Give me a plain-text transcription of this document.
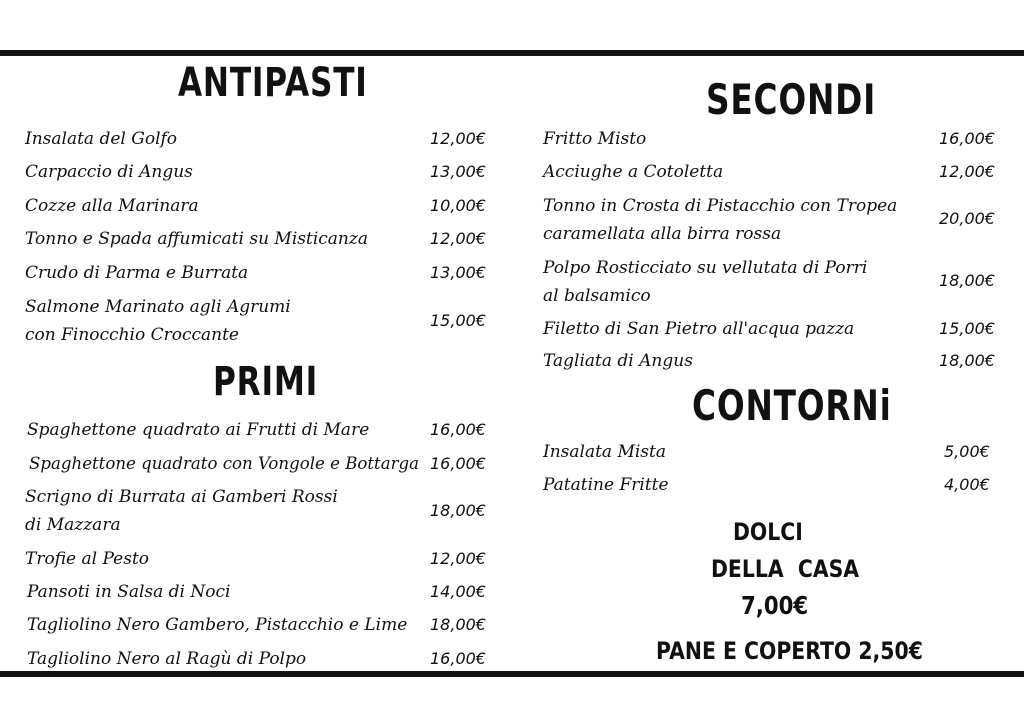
ANTIPASTI
Insalata del Golfo	12,00€
Carpaccio di Angus	13,00€
Cozze alla Marinara	10,00€
Tonno e Spada affumicati su Misticanza	12,00€
Crudo di Parma e Burrata	13,00€
Salmone Marinato agli Agrumi
con Finocchio Croccante
15,00€
PRIMI
Spaghettone quadrato ai Frutti di Mare	16,00€
Spaghettone quadrato con Vongole e Bottarga 16,00€
Scrigno di Burrata ai Gamberi Rossi
di Mazzara
18,00€
Trofie al Pesto	12,00€
Pansoti in Salsa di Noci	14,00€
Tagliolino Nero Gambero, Pistacchio e Lime 18,00€
Tagliolino Nero al Ragù di Polpo	16,00€
SECONDI
Fritto Misto	16,00€
Acciughe a Cotoletta	12,00€
Tonno in Crosta di Pistacchio con Tropea
caramellata alla birra rossa
20,00€
Polpo Rosticciato su vellutata di Porri
al balsamico
18,00€
Filetto di San Pietro all'acqua pazza	15,00€
Tagliata di Angus	18,00€
CONTORNi
Insalata Mista	5,00€
Patatine Fritte	4,00€
DOLCI
DELLA  CASA
7,00€
PANE E COPERTO 2,50€
